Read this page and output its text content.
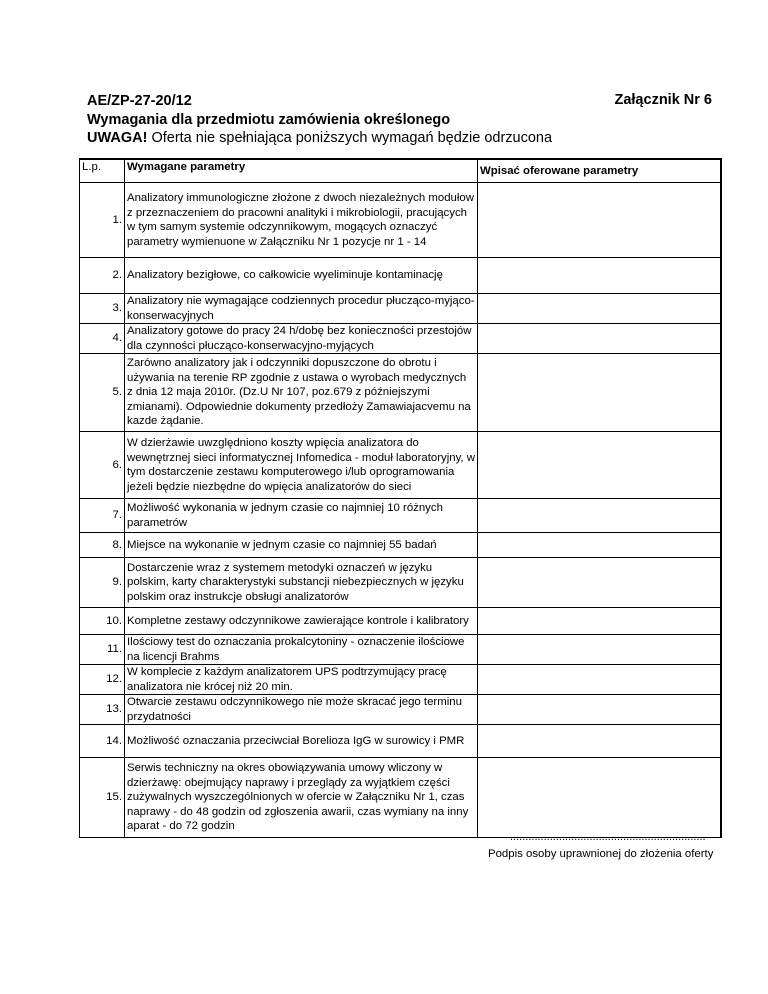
AE/ZP-27-20/12	Załącznik Nr 6
Wymagania dla przedmiotu zamówienia określonego
UWAGA! Oferta nie spełniająca poniższych wymagań będzie odrzucona
L.p.	Wymagane parametry	Wpisać oferowane parametry
1.	Analizatory immunologiczne złożone z dwoch niezależnych modułow z przeznaczeniem do pracowni analityki i mikrobiologii, pracujących w tym samym systemie odczynnikowym, mogących oznaczyć parametry wymienuone w Załączniku Nr 1 pozycje nr 1 - 14	
2.	Analizatory bezigłowe, co całkowicie wyeliminuje kontaminację	
3.	Analizatory nie wymagające codziennych procedur płucząco-myjąco-konserwacyjnych	
4.	Analizatory gotowe do pracy 24 h/dobę bez konieczności przestojów dla czynności płucząco-konserwacyjno-myjących	
5.	Zarówno analizatory jak i odczynniki dopuszczone do obrotu i używania na terenie RP zgodnie z ustawa o wyrobach medycznych z dnia 12 maja 2010r. (Dz.U Nr 107, poz.679 z późniejszymi zmianami). Odpowiednie dokumenty przedłoży Zamawiajacvemu na kazde żądanie.	
6.	W dzierżawie uwzględniono koszty wpięcia analizatora do wewnętrznej sieci informatycznej Infomedica - moduł laboratoryjny, w tym dostarczenie zestawu komputerowego i/lub oprogramowania jeżeli będzie niezbędne do wpięcia analizatorów do sieci	
7.	Możliwość wykonania w jednym czasie co najmniej 10 różnych parametrów	
8.	Miejsce na wykonanie w jednym czasie co najmniej 55 badań	
9.	Dostarczenie wraz z systemem metodyki oznaczeń w języku polskim, karty charakterystyki substancji niebezpiecznych w języku polskim oraz instrukcje obsługi analizatorów	
10.	Kompletne zestawy odczynnikowe zawierające kontrole i kalibratory	
11.	Ilościowy test do oznaczania prokalcytoniny - oznaczenie ilościowe na licencji Brahms	
12.	W komplecie z każdym analizatorem UPS podtrzymujący pracę analizatora nie krócej niż 20 min.	
13.	Otwarcie zestawu odczynnikowego nie może skracać jego terminu przydatności	
14.	Możliwość oznaczania przeciwciał Borelioza IgG w surowicy i PMR	
15.	Serwis techniczny na okres obowiązywania umowy wliczony w dzierżawę: obejmujący naprawy i przeglądy za wyjątkiem części zużywalnych wyszczególnionych w ofercie w Załączniku Nr 1, czas naprawy - do 48 godzin od zgłoszenia awarii, czas wymiany na inny aparat - do 72 godzin	
................................................................
Podpis osoby uprawnionej do złożenia oferty
